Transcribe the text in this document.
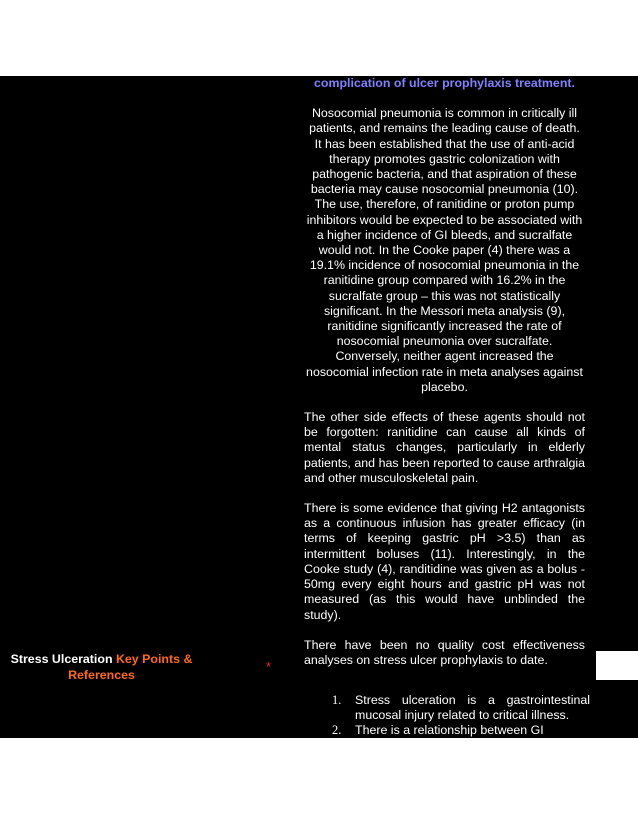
complication of ulcer prophylaxis treatment.

Nosocomial pneumonia is common in critically ill patients, and remains the leading cause of death. It has been established that the use of anti-acid therapy promotes gastric colonization with pathogenic bacteria, and that aspiration of these bacteria may cause nosocomial pneumonia (10). The use, therefore, of ranitidine or proton pump inhibitors would be expected to be associated with a higher incidence of GI bleeds, and sucralfate would not. In the Cooke paper (4) there was a 19.1% incidence of nosocomial pneumonia in the ranitidine group compared with 16.2% in the sucralfate group – this was not statistically significant. In the Messori meta analysis (9), ranitidine significantly increased the rate of nosocomial pneumonia over sucralfate. Conversely, neither agent increased the nosocomial infection rate in meta analyses against placebo.

The other side effects of these agents should not be forgotten: ranitidine can cause all kinds of mental status changes, particularly in elderly patients, and has been reported to cause arthralgia and other musculoskeletal pain.

There is some evidence that giving H2 antagonists as a continuous infusion has greater efficacy (in terms of keeping gastric pH >3.5) than as intermittent boluses (11). Interestingly, in the Cooke study (4), randitidine was given as a bolus - 50mg every eight hours and gastric pH was not measured (as this would have unblinded the study).

There have been no quality cost effectiveness analyses on stress ulcer prophylaxis to date.

Stress Ulceration Key Points & References
*
1. Stress ulceration is a gastrointestinal mucosal injury related to critical illness.
2. There is a relationship between GI
